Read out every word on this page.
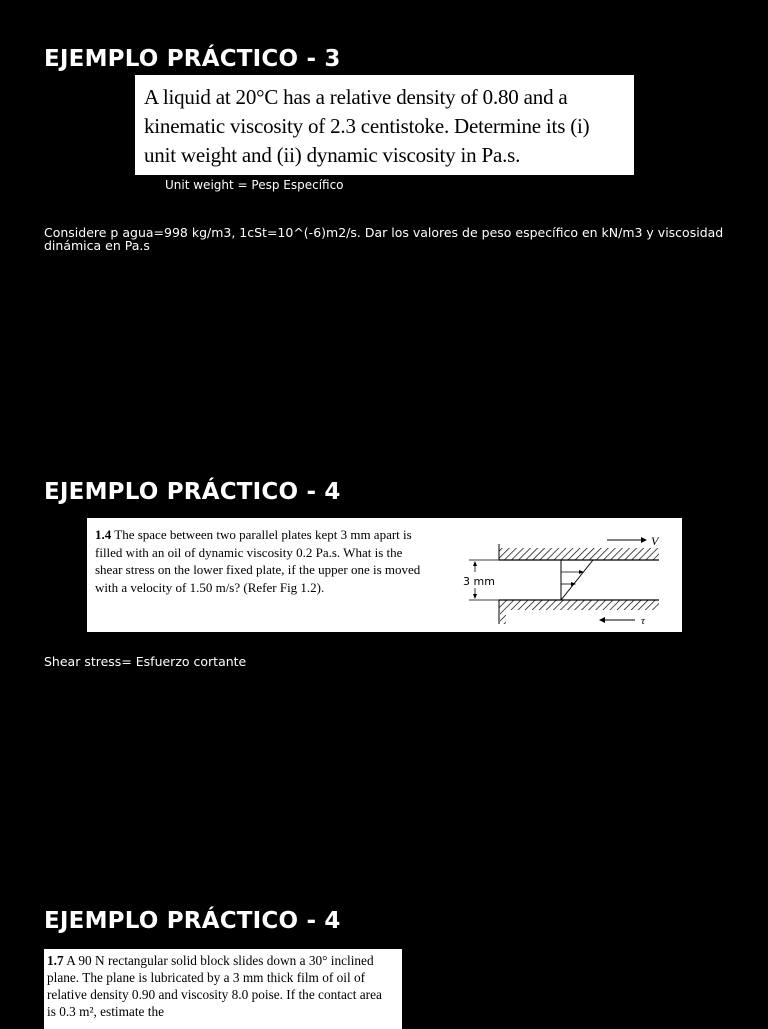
EJEMPLO PRÁCTICO - 3

A liquid at 20°C has a relative density of 0.80 and a kinematic viscosity of 2.3 centistoke. Determine its (i) unit weight and (ii) dynamic viscosity in Pa.s.

Unit weight = Pesp Específico
Considere p agua=998 kg/m3, 1cSt=10^(-6)m2/s. Dar los valores de peso específico en kN/m3 y viscosidad dinámica en Pa.s
EJEMPLO PRÁCTICO - 4
1.4 The space between two parallel plates kept 3 mm apart is filled with an oil of dynamic viscosity 0.2 Pa.s. What is the shear stress on the lower fixed plate, if the upper one is moved with a velocity of 1.50 m/s? (Refer Fig 1.2).
V
3 mm
τ
Shear stress= Esfuerzo cortante
EJEMPLO PRÁCTICO - 4
1.7 A 90 N rectangular solid block slides down a 30° inclined plane. The plane is lubricated by a 3 mm thick film of oil of relative density 0.90 and viscosity 8.0 poise. If the contact area is 0.3 m², estimate the
